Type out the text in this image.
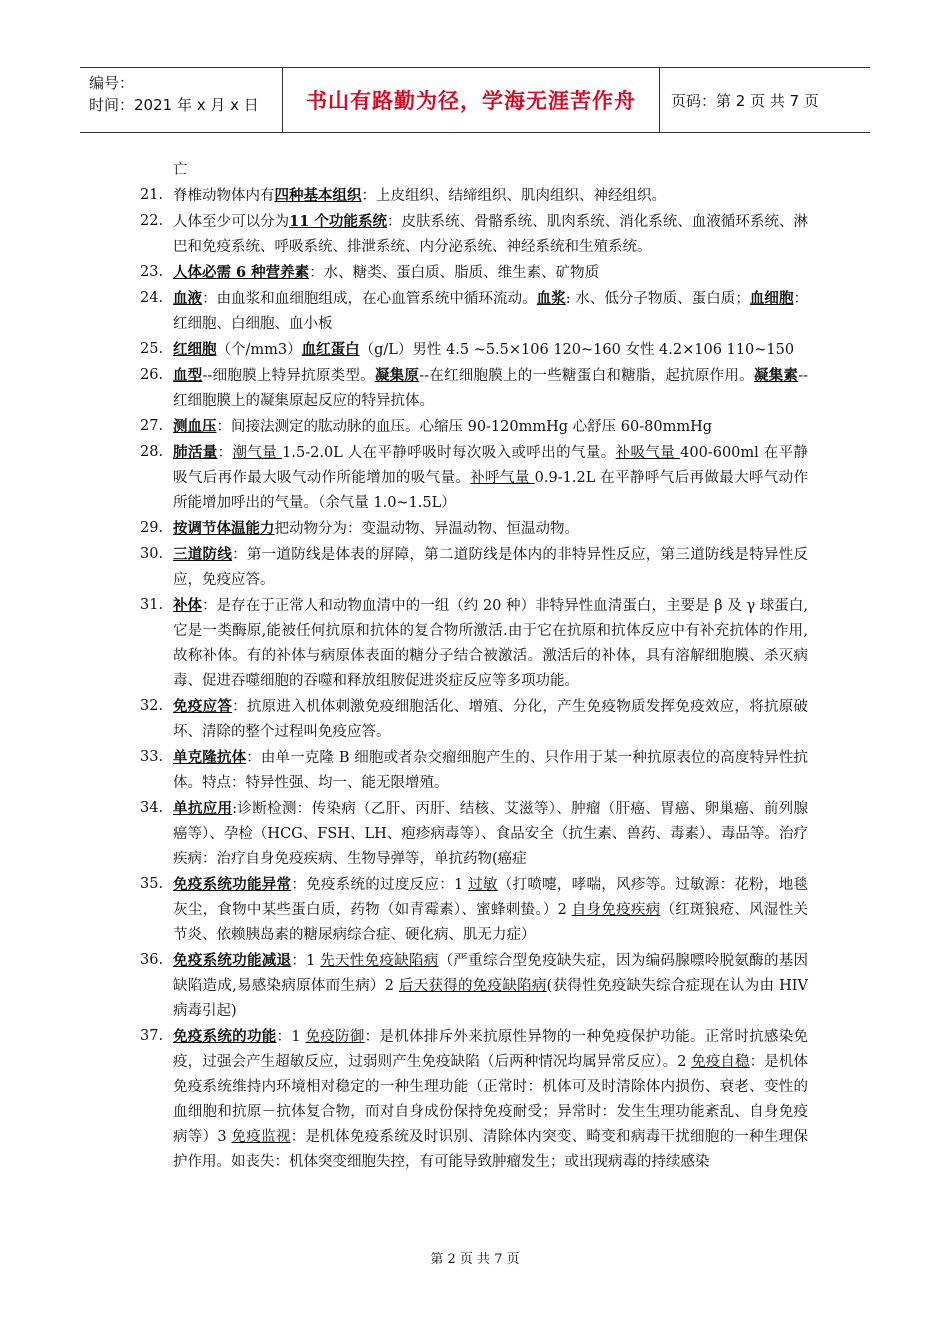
编号：
时间：2021 年 x 月 x 日	书山有路勤为径，学海无涯苦作舟	页码：第 2 页 共 7 页
亡
21. 脊椎动物体内有四种基本组织：上皮组织、结缔组织、肌肉组织、神经组织。
22. 人体至少可以分为11 个功能系统：皮肤系统、骨骼系统、肌肉系统、消化系统、血液循环系统、淋巴和免疫系统、呼吸系统、排泄系统、内分泌系统、神经系统和生殖系统。
23. 人体必需 6 种营养素：水、糖类、蛋白质、脂质、维生素、矿物质
24. 血液：由血浆和血细胞组成，在心血管系统中循环流动。血浆: 水、低分子物质、蛋白质；血细胞：红细胞、白细胞、血小板
25. 红细胞（个/mm3）血红蛋白（g/L）男性 4.5 ~5.5×106 120~160 女性 4.2×106 110~150
26. 血型--细胞膜上特异抗原类型。凝集原--在红细胞膜上的一些糖蛋白和糖脂，起抗原作用。凝集素--红细胞膜上的凝集原起反应的特异抗体。
27. 测血压：间接法测定的肱动脉的血压。心缩压 90-120mmHg 心舒压 60-80mmHg
28. 肺活量：潮气量 1.5-2.0L 人在平静呼吸时每次吸入或呼出的气量。补吸气量 400-600ml 在平静吸气后再作最大吸气动作所能增加的吸气量。补呼气量 0.9-1.2L 在平静呼气后再做最大呼气动作所能增加呼出的气量。（余气量 1.0~1.5L）
29. 按调节体温能力把动物分为：变温动物、异温动物、恒温动物。
30. 三道防线：第一道防线是体表的屏障，第二道防线是体内的非特异性反应，第三道防线是特异性反应，免疫应答。
31. 补体：是存在于正常人和动物血清中的一组（约 20 种）非特异性血清蛋白，主要是 β 及 γ 球蛋白,它是一类酶原,能被任何抗原和抗体的复合物所激活.由于它在抗原和抗体反应中有补充抗体的作用,故称补体。有的补体与病原体表面的糖分子结合被激活。激活后的补体，具有溶解细胞膜、杀灭病毒、促进吞噬细胞的吞噬和释放组胺促进炎症反应等多项功能。
32. 免疫应答：抗原进入机体刺激免疫细胞活化、增殖、分化，产生免疫物质发挥免疫效应，将抗原破坏、清除的整个过程叫免疫应答。
33. 单克隆抗体：由单一克隆 B 细胞或者杂交瘤细胞产生的、只作用于某一种抗原表位的高度特异性抗体。特点：特异性强、均一、能无限增殖。
34. 单抗应用:诊断检测：传染病（乙肝、丙肝、结核、艾滋等）、肿瘤（肝癌、胃癌、卵巢癌、前列腺癌等）、孕检（HCG、FSH、LH、疱疹病毒等）、食品安全（抗生素、兽药、毒素）、毒品等。治疗疾病：治疗自身免疫疾病、生物导弹等，单抗药物(癌症
35. 免疫系统功能异常：免疫系统的过度反应：1 过敏（打喷嚏，哮喘，风疹等。过敏源：花粉，地毯灰尘，食物中某些蛋白质，药物（如青霉素）、蜜蜂刺蛰。）2 自身免疫疾病（红斑狼疮、风湿性关节炎、依赖胰岛素的糖尿病综合症、硬化病、肌无力症）
36. 免疫系统功能减退：1 先天性免疫缺陷病（严重综合型免疫缺失症，因为编码腺嘌呤脱氨酶的基因缺陷造成,易感染病原体而生病）2 后天获得的免疫缺陷病(获得性免疫缺失综合症现在认为由 HIV 病毒引起)
37. 免疫系统的功能：1 免疫防御：是机体排斥外来抗原性异物的一种免疫保护功能。正常时抗感染免疫，过强会产生超敏反应，过弱则产生免疫缺陷（后两种情况均属异常反应）。2 免疫自稳：是机体免疫系统维持内环境相对稳定的一种生理功能（正常时：机体可及时清除体内损伤、衰老、变性的血细胞和抗原－抗体复合物，而对自身成份保持免疫耐受；异常时：发生生理功能紊乱、自身免疫病等）3 免疫监视：是机体免疫系统及时识别、清除体内突变、畸变和病毒干扰细胞的一种生理保护作用。如丧失：机体突变细胞失控，有可能导致肿瘤发生；或出现病毒的持续感染
第 2 页 共 7 页
